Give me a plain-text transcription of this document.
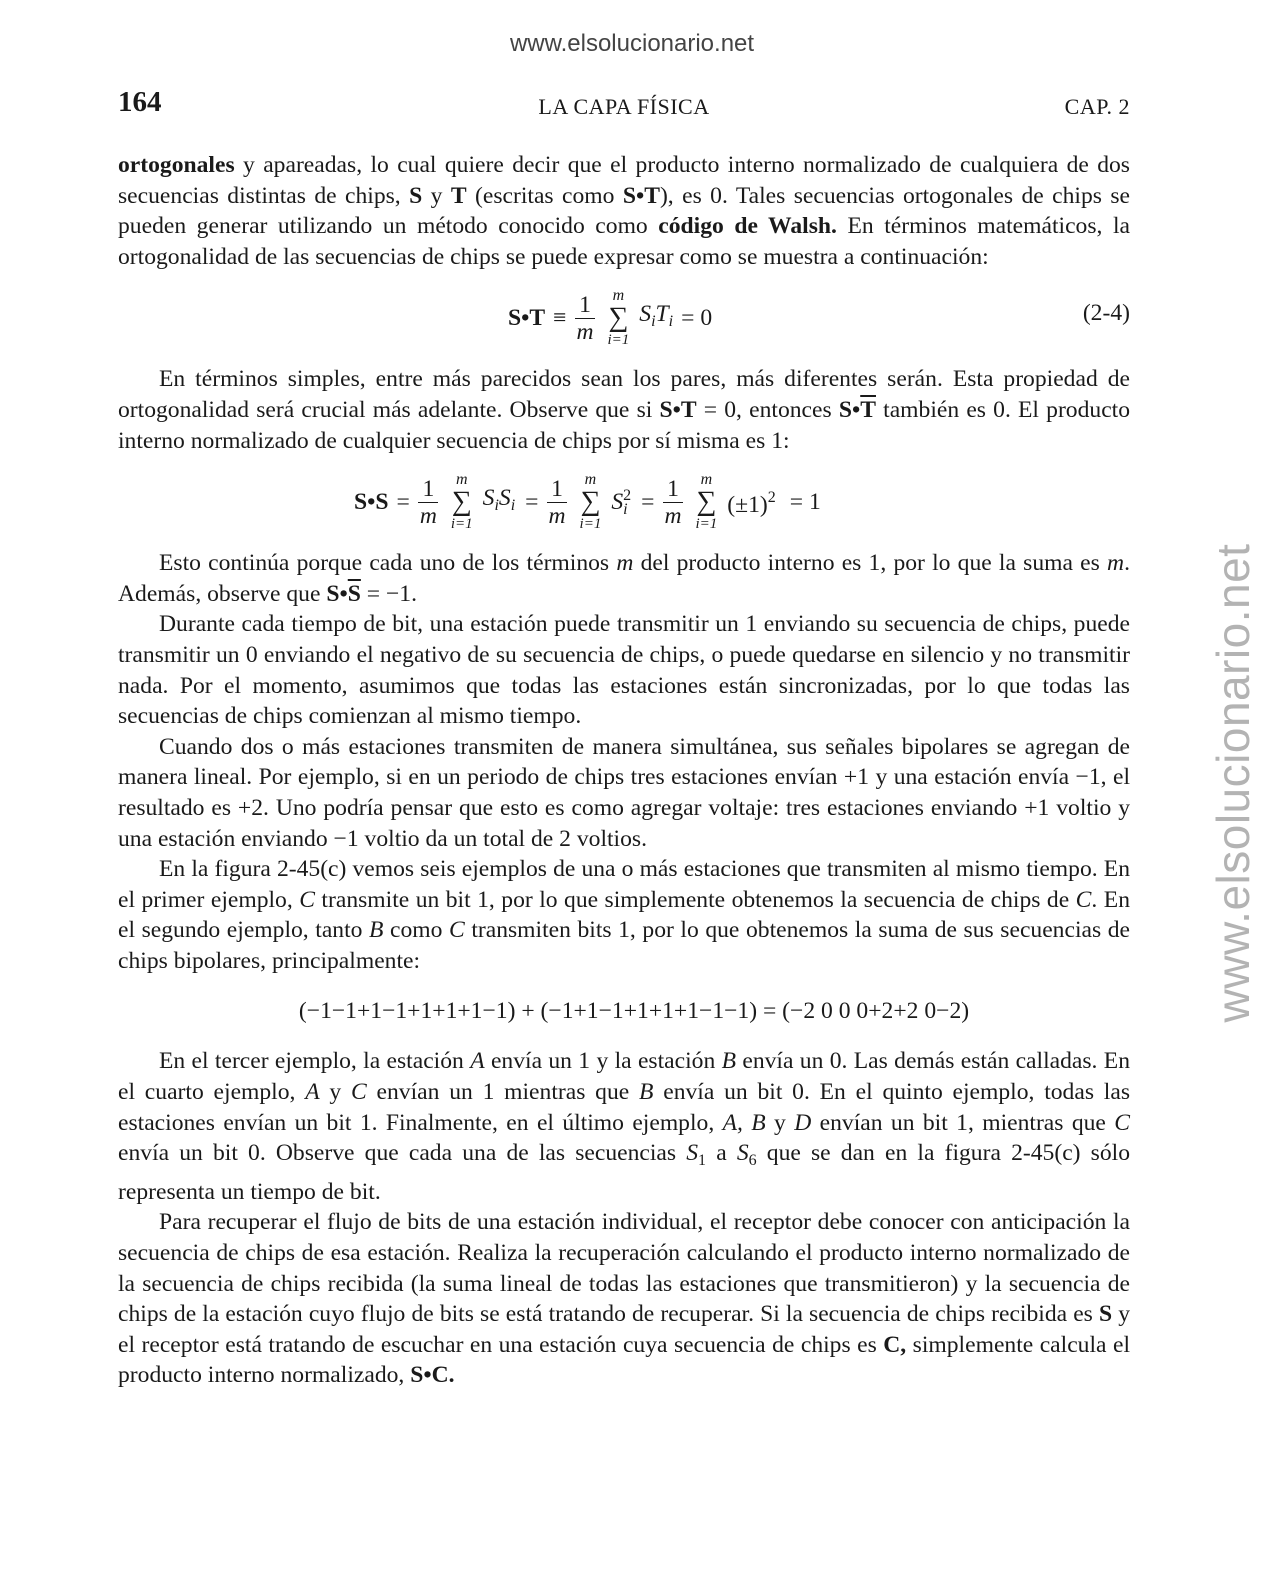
www.elsolucionario.net
www.elsolucionario.net
164	LA CAPA FÍSICA	CAP. 2

ortogonales y apareadas, lo cual quiere decir que el producto interno normalizado de cualquiera de dos secuencias distintas de chips, S y T (escritas como S•T), es 0. Tales secuencias ortogonales de chips se pueden generar utilizando un método conocido como código de Walsh. En términos matemáticos, la ortogonalidad de las secuencias de chips se puede expresar como se muestra a continuación:

S•T ≡ $\frac{1}{m}$ m
∑
i=1
$S_iT_i = 0$	(2-4)

En términos simples, entre más parecidos sean los pares, más diferentes serán. Esta propiedad de ortogonalidad será crucial más adelante. Observe que si S•T = 0, entonces $S•\overline{T}$ también es 0. El producto interno normalizado de cualquier secuencia de chips por sí misma es 1:

S•S = $\frac{1}{m}$ m
∑
i=1
$S_iS_i = \frac{1}{m}$ m
∑
i=1
S 2
$i = \frac{1}{m}$ m
∑
i=1
$(\pm 1)^2 = 1$

Esto continúa porque cada uno de los términos m del producto interno es 1, por lo que la suma es m. Además, observe que $S•\overline{S} = -1$.

Durante cada tiempo de bit, una estación puede transmitir un 1 enviando su secuencia de chips, puede transmitir un 0 enviando el negativo de su secuencia de chips, o puede quedarse en silencio y no transmitir nada. Por el momento, asumimos que todas las estaciones están sincronizadas, por lo que todas las secuencias de chips comienzan al mismo tiempo.

Cuando dos o más estaciones transmiten de manera simultánea, sus señales bipolares se agregan de manera lineal. Por ejemplo, si en un periodo de chips tres estaciones envían +1 y una estación envía −1, el resultado es +2. Uno podría pensar que esto es como agregar voltaje: tres estaciones enviando +1 voltio y una estación enviando −1 voltio da un total de 2 voltios.

En la figura 2-45(c) vemos seis ejemplos de una o más estaciones que transmiten al mismo tiempo. En el primer ejemplo, C transmite un bit 1, por lo que simplemente obtenemos la secuencia de chips de C. En el segundo ejemplo, tanto B como C transmiten bits 1, por lo que obtenemos la suma de sus secuencias de chips bipolares, principalmente:

(−1−1+1−1+1+1+1−1) + (−1+1−1+1+1+1−1−1) = (−2 0 0 0+2+2 0−2)

En el tercer ejemplo, la estación A envía un 1 y la estación B envía un 0. Las demás están calladas. En el cuarto ejemplo, A y C envían un 1 mientras que B envía un bit 0. En el quinto ejemplo, todas las estaciones envían un bit 1. Finalmente, en el último ejemplo, A, B y D envían un bit 1, mientras que C envía un bit 0. Observe que cada una de las secuencias $S_1$ a $S_6$ que se dan en la figura 2-45(c) sólo representa un tiempo de bit.

Para recuperar el flujo de bits de una estación individual, el receptor debe conocer con anticipación la secuencia de chips de esa estación. Realiza la recuperación calculando el producto interno normalizado de la secuencia de chips recibida (la suma lineal de todas las estaciones que transmitieron) y la secuencia de chips de la estación cuyo flujo de bits se está tratando de recuperar. Si la secuencia de chips recibida es S y el receptor está tratando de escuchar en una estación cuya secuencia de chips es C, simplemente calcula el producto interno normalizado, S•C.
